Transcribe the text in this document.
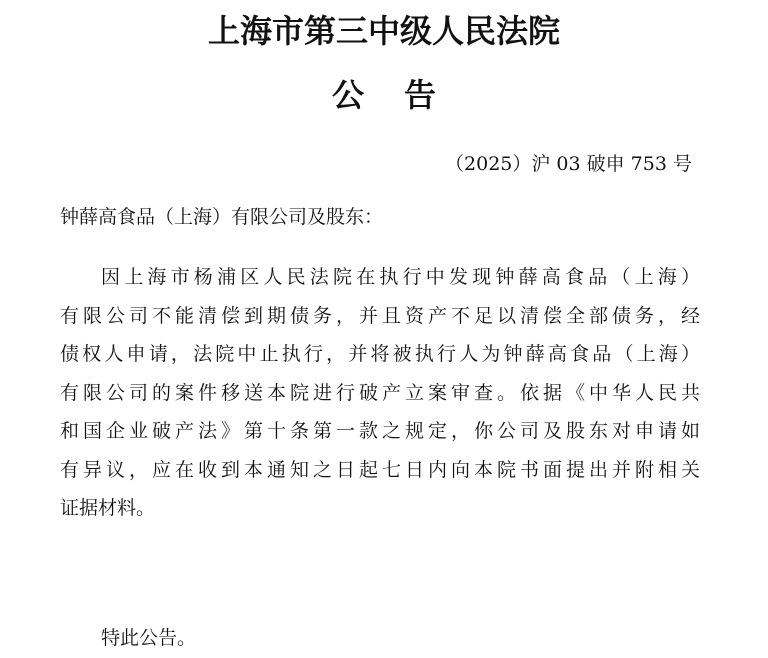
上海市第三中级人民法院
公 告
（2025）沪 03 破申 753 号
钟薛高食品（上海）有限公司及股东：
因上海市杨浦区人民法院在执行中发现钟薛高食品（上海）
有限公司不能清偿到期债务，并且资产不足以清偿全部债务，经
债权人申请，法院中止执行，并将被执行人为钟薛高食品（上海）
有限公司的案件移送本院进行破产立案审查。依据《中华人民共
和国企业破产法》第十条第一款之规定，你公司及股东对申请如
有异议，应在收到本通知之日起七日内向本院书面提出并附相关
证据材料。
特此公告。
